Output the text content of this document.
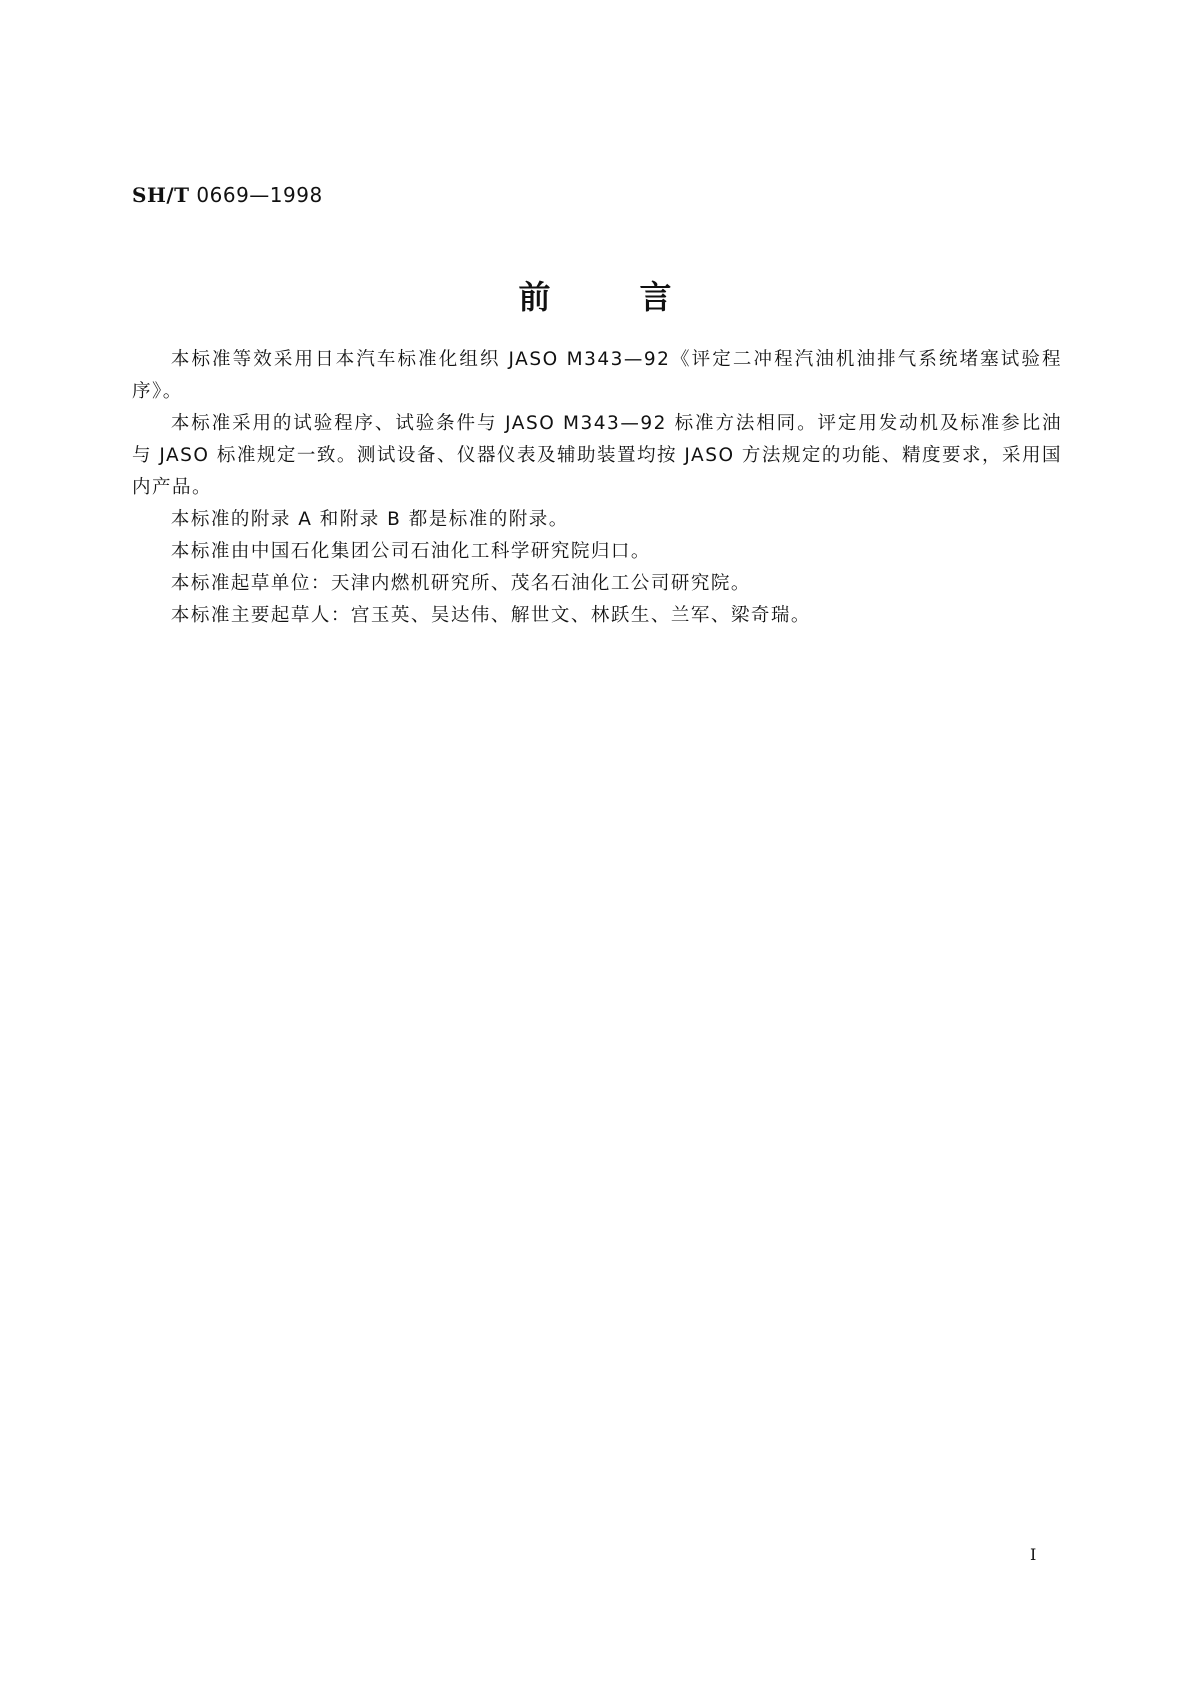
SH/T 0669—1998
前	言

本标准等效采用日本汽车标准化组织 JASO M343—92《评定二冲程汽油机油排气系统堵塞试验程序》。

本标准采用的试验程序、试验条件与 JASO M343—92 标准方法相同。评定用发动机及标准参比油与 JASO 标准规定一致。测试设备、仪器仪表及辅助装置均按 JASO 方法规定的功能、精度要求，采用国内产品。

本标准的附录 A 和附录 B 都是标准的附录。

本标准由中国石化集团公司石油化工科学研究院归口。

本标准起草单位：天津内燃机研究所、茂名石油化工公司研究院。

本标准主要起草人：宫玉英、吴达伟、解世文、林跃生、兰军、梁奇瑞。

I
